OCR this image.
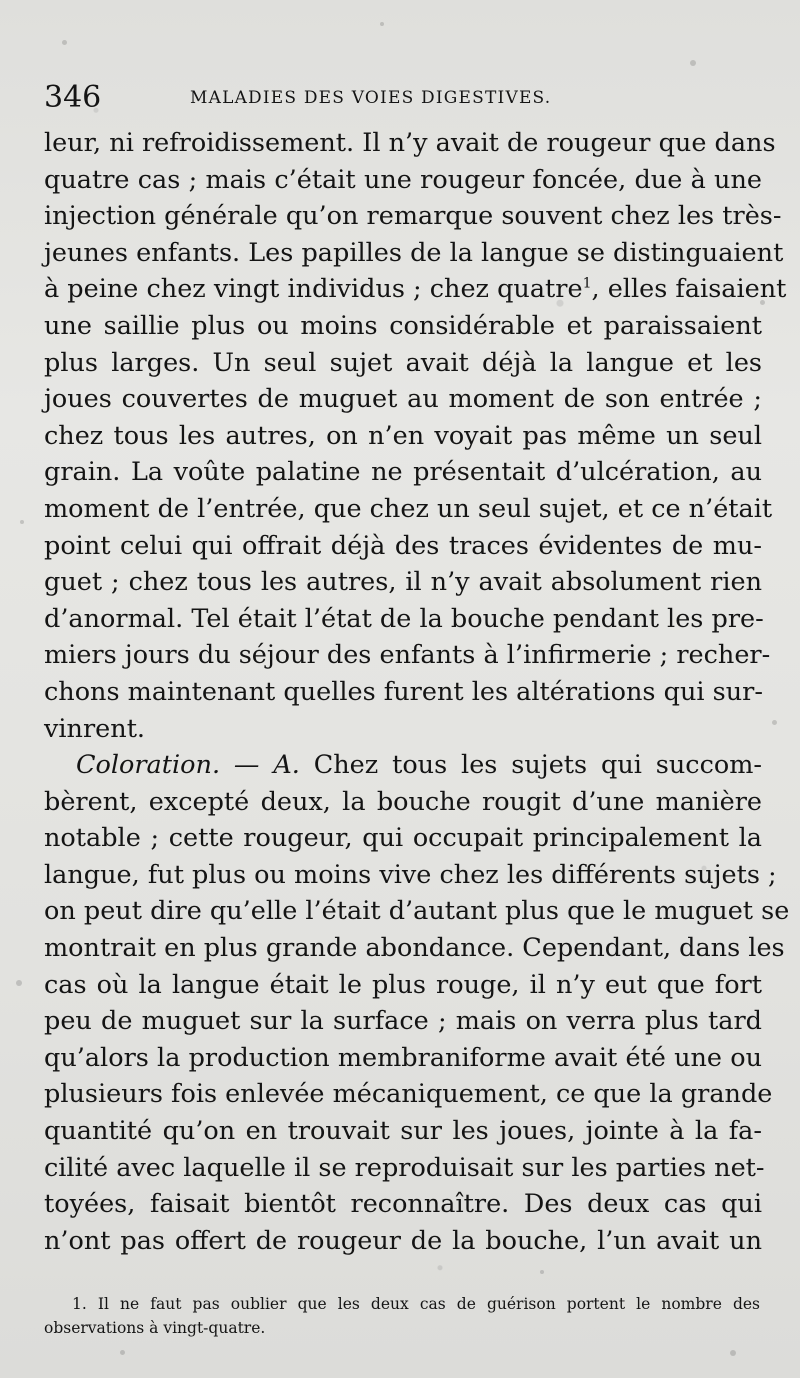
346	MALADIES DES VOIES DIGESTIVES.
leur, ni refroidissement. Il n’y avait de rougeur que dans
quatre cas ; mais c’était une rougeur foncée, due à une
injection générale qu’on remarque souvent chez les très-
jeunes enfants. Les papilles de la langue se distinguaient
à peine chez vingt individus ; chez quatre$^1$, elles faisaient
une saillie plus ou moins considérable et paraissaient
plus larges. Un seul sujet avait déjà la langue et les
joues couvertes de muguet au moment de son entrée ;
chez tous les autres, on n’en voyait pas même un seul
grain. La voûte palatine ne présentait d’ulcération, au
moment de l’entrée, que chez un seul sujet, et ce n’était
point celui qui offrait déjà des traces évidentes de mu-
guet ; chez tous les autres, il n’y avait absolument rien
d’anormal. Tel était l’état de la bouche pendant les pre-
miers jours du séjour des enfants à l’infirmerie ; recher-
chons maintenant quelles furent les altérations qui sur-
vinrent.
Coloration. — A. Chez tous les sujets qui succom-
bèrent, excepté deux, la bouche rougit d’une manière
notable ; cette rougeur, qui occupait principalement la
langue, fut plus ou moins vive chez les différents sujets ;
on peut dire qu’elle l’était d’autant plus que le muguet se
montrait en plus grande abondance. Cependant, dans les
cas où la langue était le plus rouge, il n’y eut que fort
peu de muguet sur la surface ; mais on verra plus tard
qu’alors la production membraniforme avait été une ou
plusieurs fois enlevée mécaniquement, ce que la grande
quantité qu’on en trouvait sur les joues, jointe à la fa-
cilité avec laquelle il se reproduisait sur les parties net-
toyées, faisait bientôt reconnaître. Des deux cas qui
n’ont pas offert de rougeur de la bouche, l’un avait un
1. Il ne faut pas oublier que les deux cas de guérison portent le nombre des
observations à vingt-quatre.
